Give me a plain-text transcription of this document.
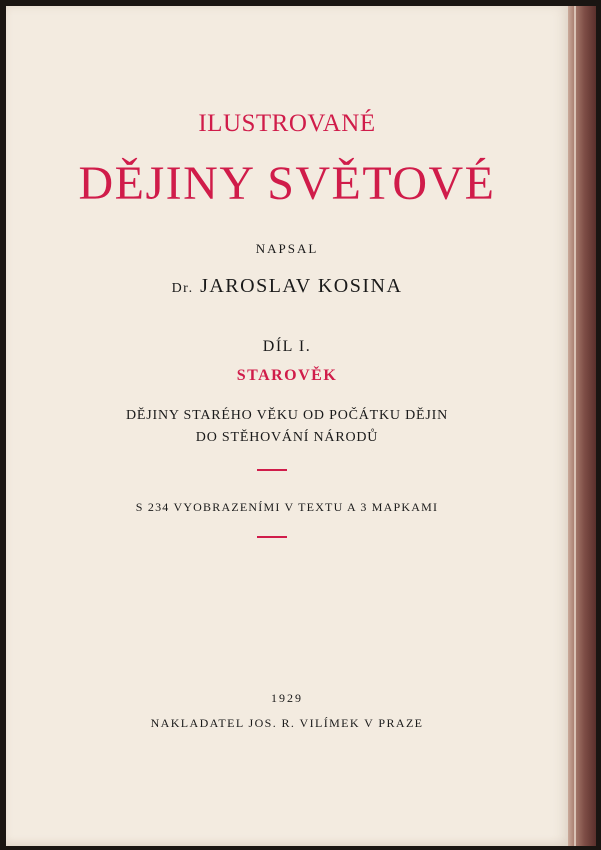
ILUSTROVANÉ
DĚJINY SVĚTOVÉ
NAPSAL
Dr. JAROSLAV KOSINA
DÍL I.
STAROVĚK
DĚJINY STARÉHO VĚKU OD POČÁTKU DĚJIN
DO STĚHOVÁNÍ NÁRODŮ
S 234 VYOBRAZENÍMI V TEXTU A 3 MAPKAMI
1929
NAKLADATEL JOS. R. VILÍMEK V PRAZE
